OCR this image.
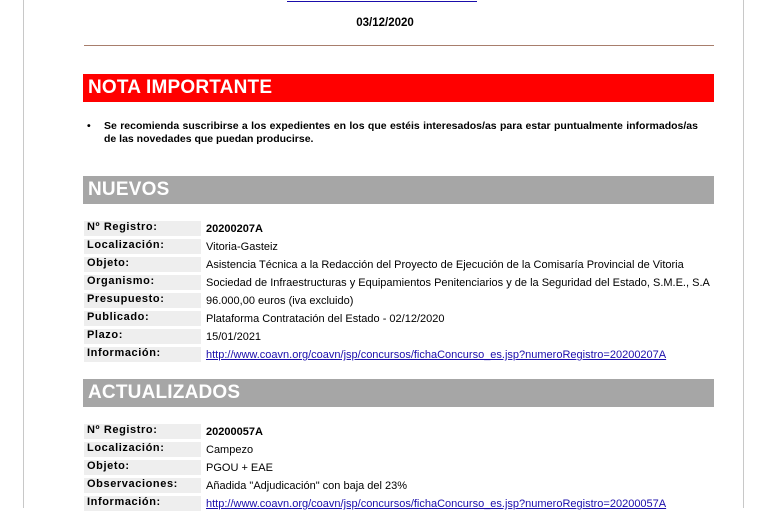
03/12/2020
NOTA IMPORTANTE
• Se recomienda suscribirse a los expedientes en los que estéis interesados/as para estar puntualmente informados/as de las novedades que puedan producirse.
NUEVOS
Nº Registro:	20200207A
Localización:	Vitoria-Gasteiz
Objeto:	Asistencia Técnica a la Redacción del Proyecto de Ejecución de la Comisaría Provincial de Vitoria
Organismo:	Sociedad de Infraestructuras y Equipamientos Penitenciarios y de la Seguridad del Estado, S.M.E., S.A
Presupuesto:	96.000,00 euros (iva excluido)
Publicado:	Plataforma Contratación del Estado - 02/12/2020
Plazo:	15/01/2021
Información:	http://www.coavn.org/coavn/jsp/concursos/fichaConcurso_es.jsp?numeroRegistro=20200207A
ACTUALIZADOS
Nº Registro:	20200057A
Localización:	Campezo
Objeto:	PGOU + EAE
Observaciones:	Añadida "Adjudicación" con baja del 23%
Información:	http://www.coavn.org/coavn/jsp/concursos/fichaConcurso_es.jsp?numeroRegistro=20200057A
